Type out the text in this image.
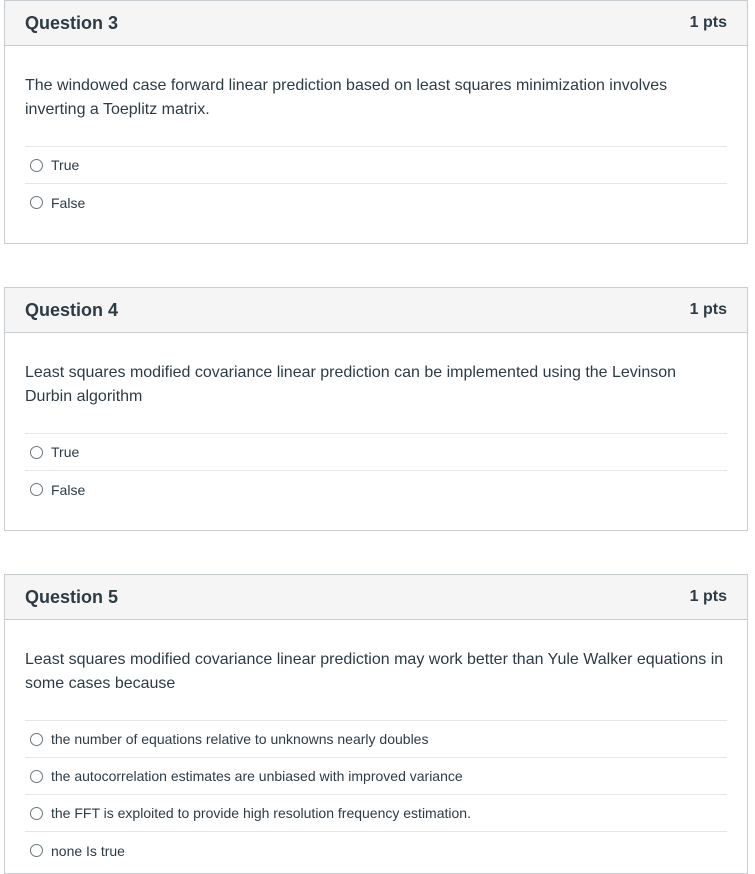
Question 3	1 pts

The windowed case forward linear prediction based on least squares minimization involves inverting a Toeplitz matrix.

True
False
Question 4	1 pts

Least squares modified covariance linear prediction can be implemented using the Levinson Durbin algorithm

True
False
Question 5	1 pts

Least squares modified covariance linear prediction may work better than Yule Walker equations in some cases because

the number of equations relative to unknowns nearly doubles
the autocorrelation estimates are unbiased with improved variance
the FFT is exploited to provide high resolution frequency estimation.
none Is true
